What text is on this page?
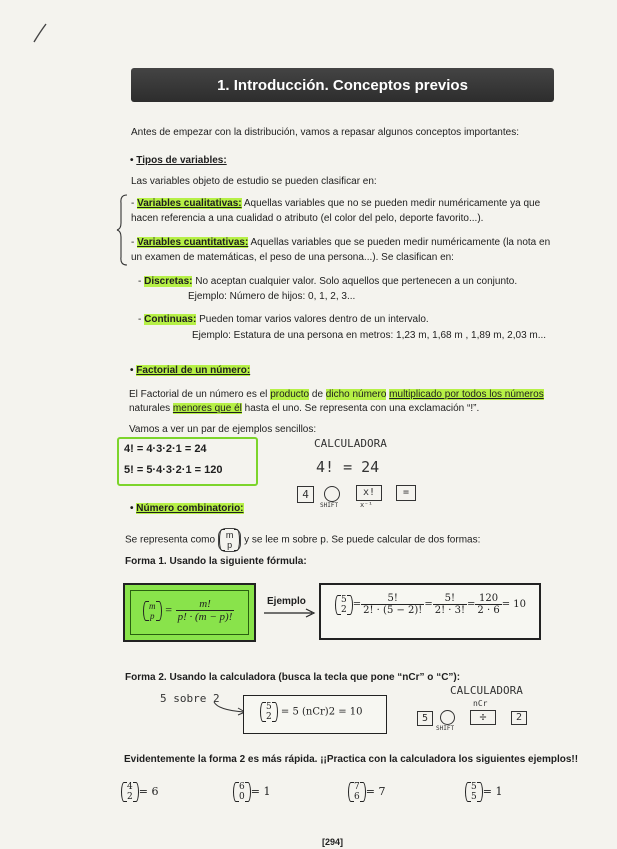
1. Introducción. Conceptos previos
Antes de empezar con la distribución, vamos a repasar algunos conceptos importantes:
• Tipos de variables:
Las variables objeto de estudio se pueden clasificar en:
- Variables cualitativas: Aquellas variables que no se pueden medir numéricamente ya que
hacen referencia a una cualidad o atributo (el color del pelo, deporte favorito...).
- Variables cuantitativas: Aquellas variables que se pueden medir numéricamente (la nota en
un examen de matemáticas, el peso de una persona...). Se clasifican en:
- Discretas: No aceptan cualquier valor. Solo aquellos que pertenecen a un conjunto.
Ejemplo: Número de hijos: 0, 1, 2, 3...
- Continuas: Pueden tomar varios valores dentro de un intervalo.
Ejemplo: Estatura de una persona en metros: 1,23 m, 1,68 m , 1,89 m, 2,03 m...
• Factorial de un número:
El Factorial de un número es el producto de dicho número multiplicado por todos los números
naturales menores que él hasta el uno. Se representa con una exclamación “!”.
Vamos a ver un par de ejemplos sencillos:
4! = 4·3·2·1 = 24
5! = 5·4·3·2·1 = 120
CALCULADORA
4! = 24
4
SHIFT
x!
x⁻¹
=
• Número combinatorio:
Se representa como m
p y se lee m sobre p. Se puede calcular de dos formas:
Forma 1. Usando la siguiente fórmula:
m
$p = \frac{m!}{p! \cdot (m - p)!}$	Ejemplo	5
$2 = \frac{5!}{2! \cdot (5 - 2)!} = \frac{5!}{2! \cdot 3!} = \frac{120}{2 \cdot 6} = 10$
Forma 2. Usando la calculadora (busca la tecla que pone “nCr” o “C”):
5 sobre 2
5
2 = 5 (nCr)2 = 10
CALCULADORA
5
SHIFT
nCr
÷	2
Evidentemente la forma 2 es más rápida. ¡¡Practica con la calculadora los siguientes ejemplos!!
4
2 = 6	6
0 = 1	7
6 = 7	5
5 = 1
[294]
